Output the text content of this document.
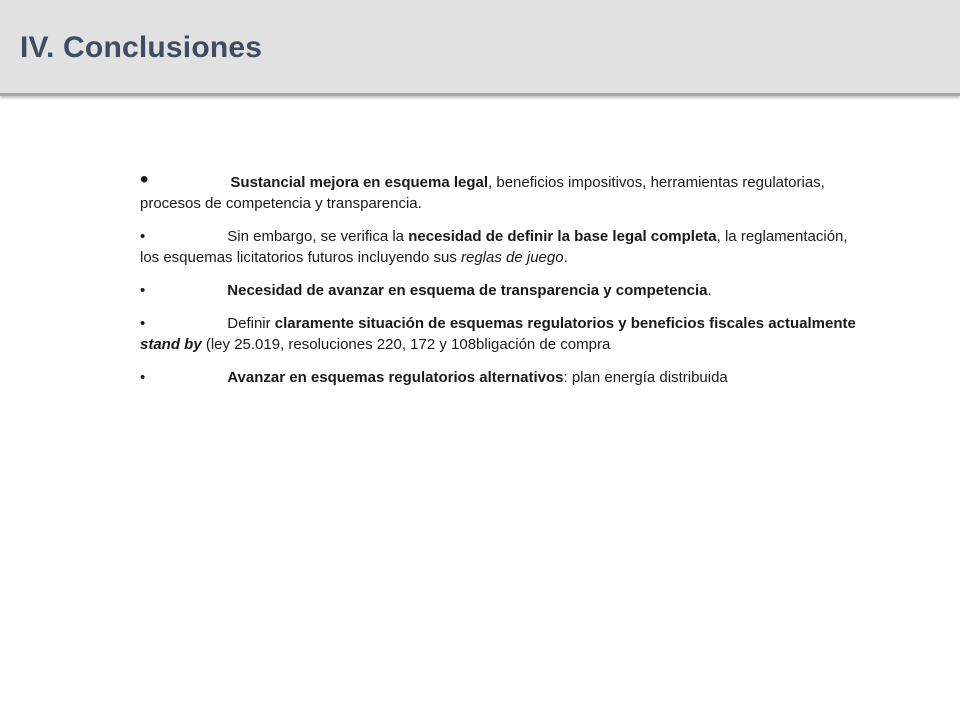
IV. Conclusiones
•	Sustancial mejora en esquema legal, beneficios impositivos, herramientas regulatorias, procesos de competencia y transparencia.
•	Sin embargo, se verifica la necesidad de definir la base legal completa, la reglamentación, los esquemas licitatorios futuros incluyendo sus reglas de juego.
•	Necesidad de avanzar en esquema de transparencia y competencia.
•	Definir claramente situación de esquemas regulatorios y beneficios fiscales actualmente stand by (ley 25.019, resoluciones 220, 172 y 108bligación de compra
•	Avanzar en esquemas regulatorios alternativos: plan energía distribuida
